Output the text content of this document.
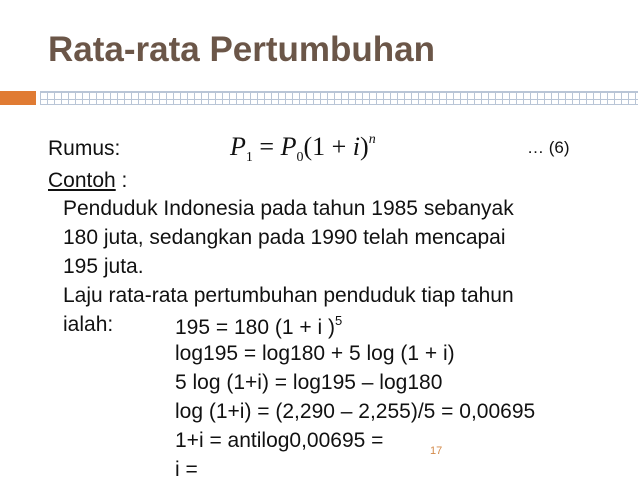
Rata-rata Pertumbuhan
Rumus:	$P_1 = P_0(1 + i)^n$	… (6)
Contoh :
Penduduk Indonesia pada tahun 1985 sebanyak
180 juta, sedangkan pada 1990 telah mencapai
195 juta.
Laju rata-rata pertumbuhan penduduk tiap tahun
ialah:	195 = 180 (1 + i )$^5$
log195 = log180 + 5 log (1 + i)
5 log (1+i) = log195 – log180
log (1+i) = (2,290 – 2,255)/5 = 0,00695
1+i = antilog0,00695 =
i =
17
